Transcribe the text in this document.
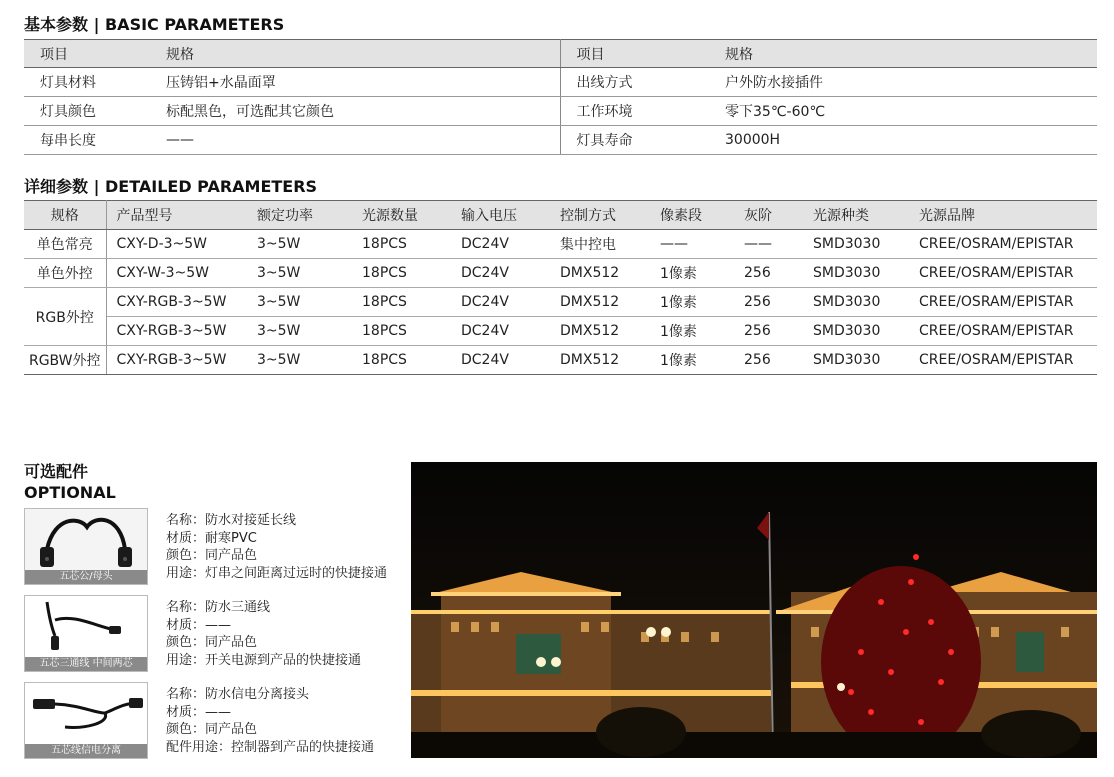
基本参数 | BASIC PARAMETERS
项目	规格	项目	规格
灯具材料	压铸铝+水晶面罩	出线方式	户外防水接插件
灯具颜色	标配黑色，可选配其它颜色	工作环境	零下35℃-60℃
每串长度	——	灯具寿命	30000H
详细参数 | DETAILED PARAMETERS
规格	产品型号	额定功率	光源数量	输入电压	控制方式	像素段	灰阶	光源种类	光源品牌
单色常亮	CXY-D-3~5W	3~5W	18PCS	DC24V	集中控电	——	——	SMD3030	CREE/OSRAM/EPISTAR
单色外控	CXY-W-3~5W	3~5W	18PCS	DC24V	DMX512	1像素	256	SMD3030	CREE/OSRAM/EPISTAR
RGB外控	CXY-RGB-3~5W	3~5W	18PCS	DC24V	DMX512	1像素	256	SMD3030	CREE/OSRAM/EPISTAR
	CXY-RGB-3~5W	3~5W	18PCS	DC24V	DMX512	1像素	256	SMD3030	CREE/OSRAM/EPISTAR
RGBW外控	CXY-RGB-3~5W	3~5W	18PCS	DC24V	DMX512	1像素	256	SMD3030	CREE/OSRAM/EPISTAR
可选配件
OPTIONAL
五芯公/母头
名称：防水对接延长线
材质：耐寒PVC
颜色：同产品色
用途：灯串之间距离过远时的快捷接通
五芯三通线 中间两芯
名称：防水三通线
材质：——
颜色：同产品色
用途：开关电源到产品的快捷接通
五芯线信电分离
名称：防水信电分离接头
材质：——
颜色：同产品色
配件用途：控制器到产品的快捷接通
